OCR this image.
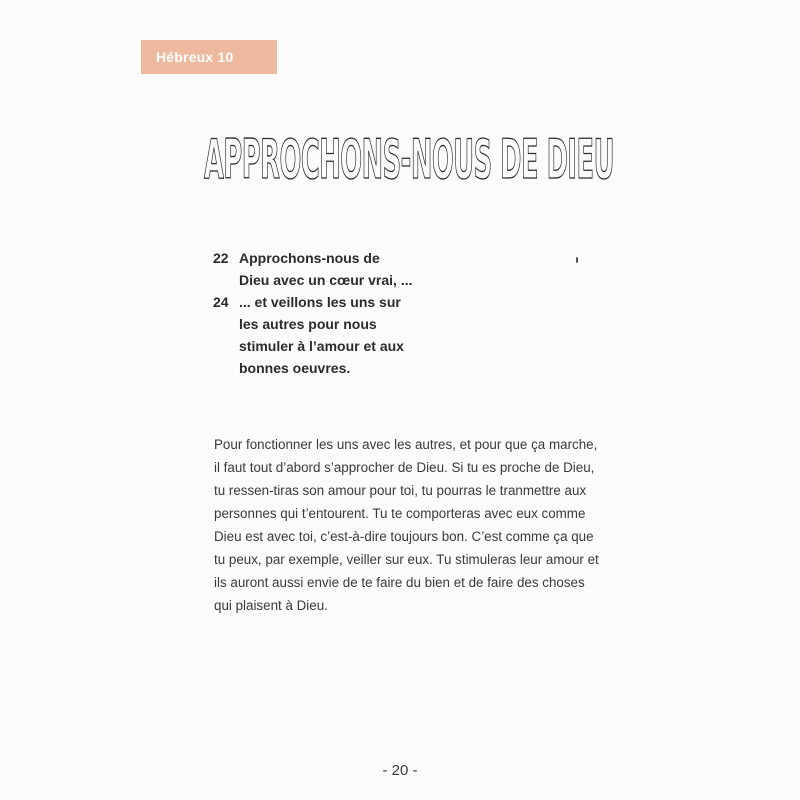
Hébreux 10
APPROCHONS-NOUS DE DIEU
22 Approchons-nous de Dieu avec un cœur vrai, ...
24 ... et veillons les uns sur les autres pour nous stimuler à l’amour et aux bonnes oeuvres.

Pour fonctionner les uns avec les autres, et pour que ça marche, il faut tout d’abord s’approcher de Dieu. Si tu es proche de Dieu, tu ressen-tiras son amour pour toi, tu pourras le tranmettre aux personnes qui t’entourent. Tu te comporteras avec eux comme Dieu est avec toi, c’est-à-dire toujours bon. C’est comme ça que tu peux, par exemple, veiller sur eux. Tu stimuleras leur amour et ils auront aussi envie de te faire du bien et de faire des choses qui plaisent à Dieu.

- 20 -
